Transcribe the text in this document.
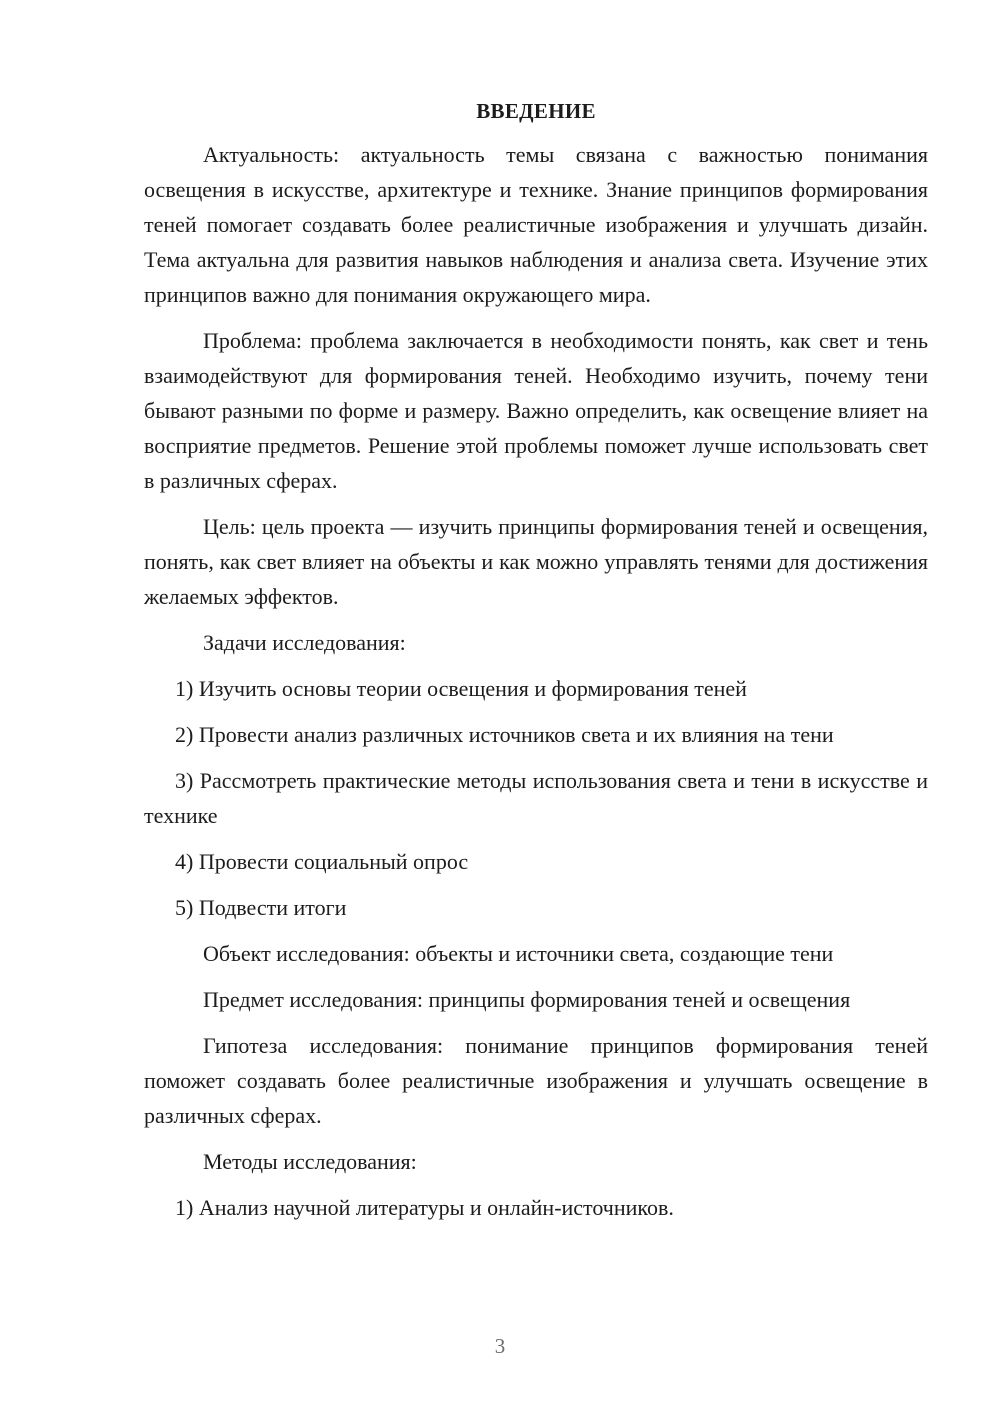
ВВЕДЕНИЕ

Актуальность: актуальность темы связана с важностью понимания освещения в искусстве, архитектуре и технике. Знание принципов формирования теней помогает создавать более реалистичные изображения и улучшать дизайн. Тема актуальна для развития навыков наблюдения и анализа света. Изучение этих принципов важно для понимания окружающего мира.

Проблема: проблема заключается в необходимости понять, как свет и тень взаимодействуют для формирования теней. Необходимо изучить, почему тени бывают разными по форме и размеру. Важно определить, как освещение влияет на восприятие предметов. Решение этой проблемы поможет лучше использовать свет в различных сферах.

Цель: цель проекта — изучить принципы формирования теней и освещения, понять, как свет влияет на объекты и как можно управлять тенями для достижения желаемых эффектов.

Задачи исследования:

1) Изучить основы теории освещения и формирования теней

2) Провести анализ различных источников света и их влияния на тени

3) Рассмотреть практические методы использования света и тени в искусстве и технике

4) Провести социальный опрос

5) Подвести итоги

Объект исследования: объекты и источники света, создающие тени

Предмет исследования: принципы формирования теней и освещения

Гипотеза исследования: понимание принципов формирования теней поможет создавать более реалистичные изображения и улучшать освещение в различных сферах.

Методы исследования:

1) Анализ научной литературы и онлайн-источников.

3
